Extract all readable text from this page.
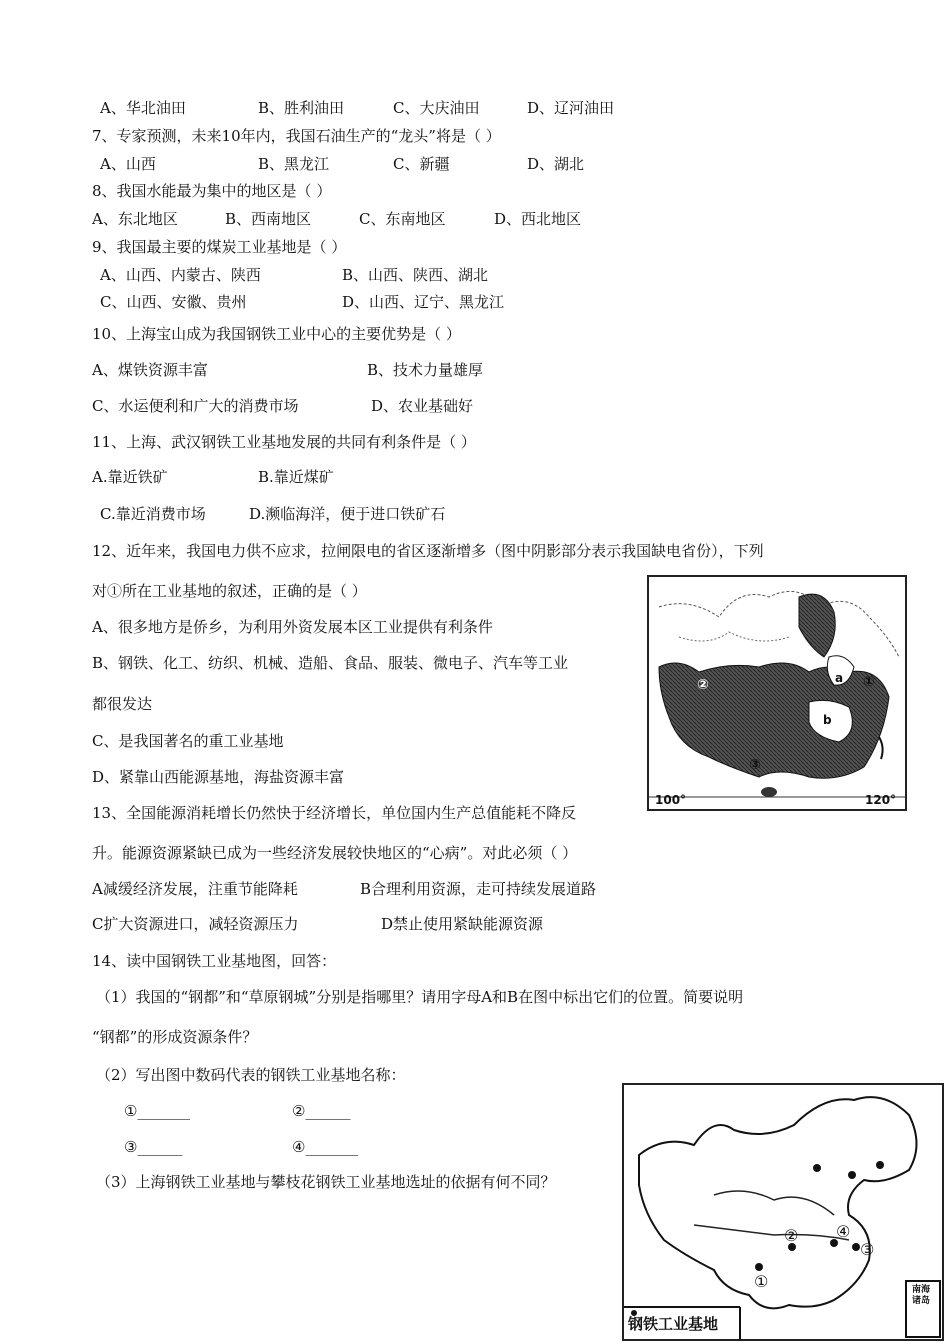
A、华北油田	B、胜利油田	C、大庆油田	D、辽河油田
7、专家预测，未来10年内，我国石油生产的“龙头”将是（ ）
A、山西	B、黑龙江	C、新疆	D、湖北
8、我国水能最为集中的地区是（ ）
A、东北地区	B、西南地区	C、东南地区	D、西北地区
9、我国最主要的煤炭工业基地是（ ）
A、山西、内蒙古、陕西	B、山西、陕西、湖北
C、山西、安徽、贵州	D、山西、辽宁、黑龙江
10、上海宝山成为我国钢铁工业中心的主要优势是（ ）
A、煤铁资源丰富	B、技术力量雄厚
C、水运便利和广大的消费市场	D、农业基础好
11、上海、武汉钢铁工业基地发展的共同有利条件是（ ）
A.靠近铁矿	B.靠近煤矿
C.靠近消费市场	D.濒临海洋，便于进口铁矿石
12、近年来，我国电力供不应求，拉闸限电的省区逐渐增多（图中阴影部分表示我国缺电省份），下列
对①所在工业基地的叙述，正确的是（ ）
A、很多地方是侨乡，为利用外资发展本区工业提供有利条件
B、钢铁、化工、纺织、机械、造船、食品、服装、微电子、汽车等工业
都很发达
C、是我国著名的重工业基地
D、紧靠山西能源基地，海盐资源丰富
13、全国能源消耗增长仍然快于经济增长，单位国内生产总值能耗不降反
升。能源资源紧缺已成为一些经济发展较快地区的“心病”。对此必须（ ）
A减缓经济发展，注重节能降耗	B合理利用资源，走可持续发展道路
C扩大资源进口，减轻资源压力	D禁止使用紧缺能源资源
14、读中国钢铁工业基地图，回答：
（1）我国的“钢都”和“草原钢城”分别是指哪里？请用字母A和B在图中标出它们的位置。简要说明
“钢都”的形成资源条件？
（2）写出图中数码代表的钢铁工业基地名称：
①_______	②______
③______	④_______
（3）上海钢铁工业基地与攀枝花钢铁工业基地选址的依据有何不同？
a
b
①
②
③
100°	120°
①
②
③
④
钢铁工业基地
南海诸岛
